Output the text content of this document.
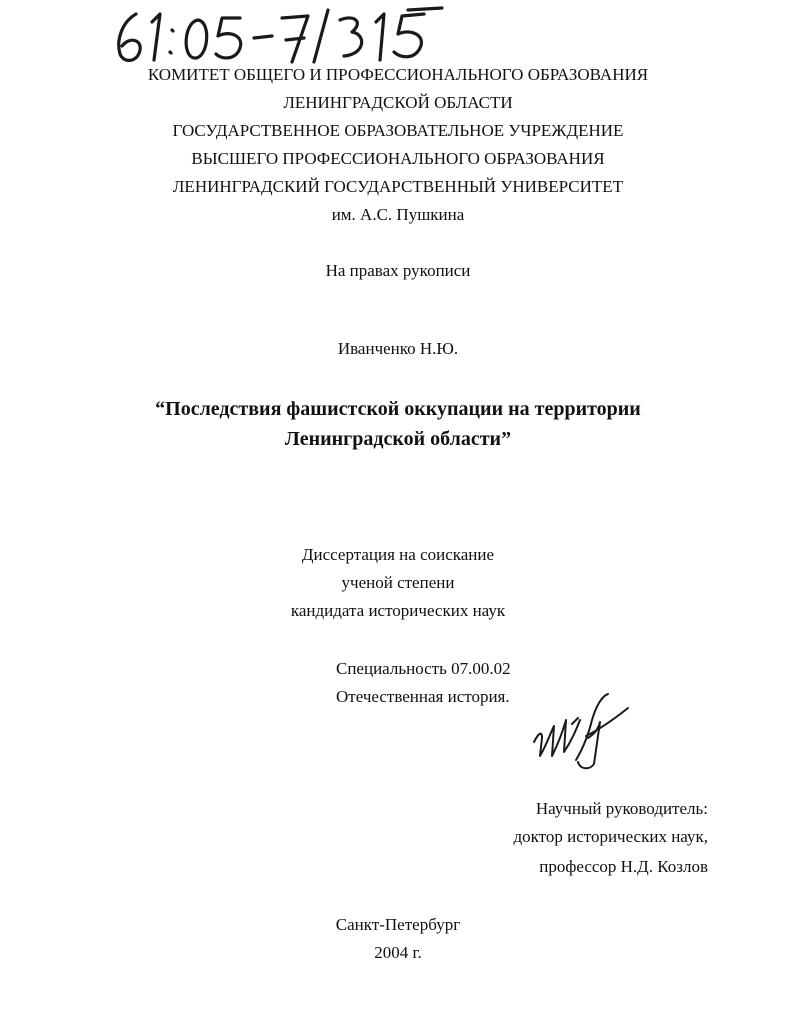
КОМИТЕТ ОБЩЕГО И ПРОФЕССИОНАЛЬНОГО ОБРАЗОВАНИЯ
ЛЕНИНГРАДСКОЙ ОБЛАСТИ
ГОСУДАРСТВЕННОЕ ОБРАЗОВАТЕЛЬНОЕ УЧРЕЖДЕНИЕ
ВЫСШЕГО ПРОФЕССИОНАЛЬНОГО ОБРАЗОВАНИЯ
ЛЕНИНГРАДСКИЙ ГОСУДАРСТВЕННЫЙ УНИВЕРСИТЕТ
им. А.С. Пушкина
На правах рукописи
Иванченко Н.Ю.
“Последствия фашистской оккупации на территории
Ленинградской области”
Диссертация на соискание
ученой степени
кандидата исторических наук
Специальность 07.00.02
Отечественная история.
Научный руководитель:
доктор исторических наук,
профессор Н.Д. Козлов
Санкт-Петербург
2004 г.
